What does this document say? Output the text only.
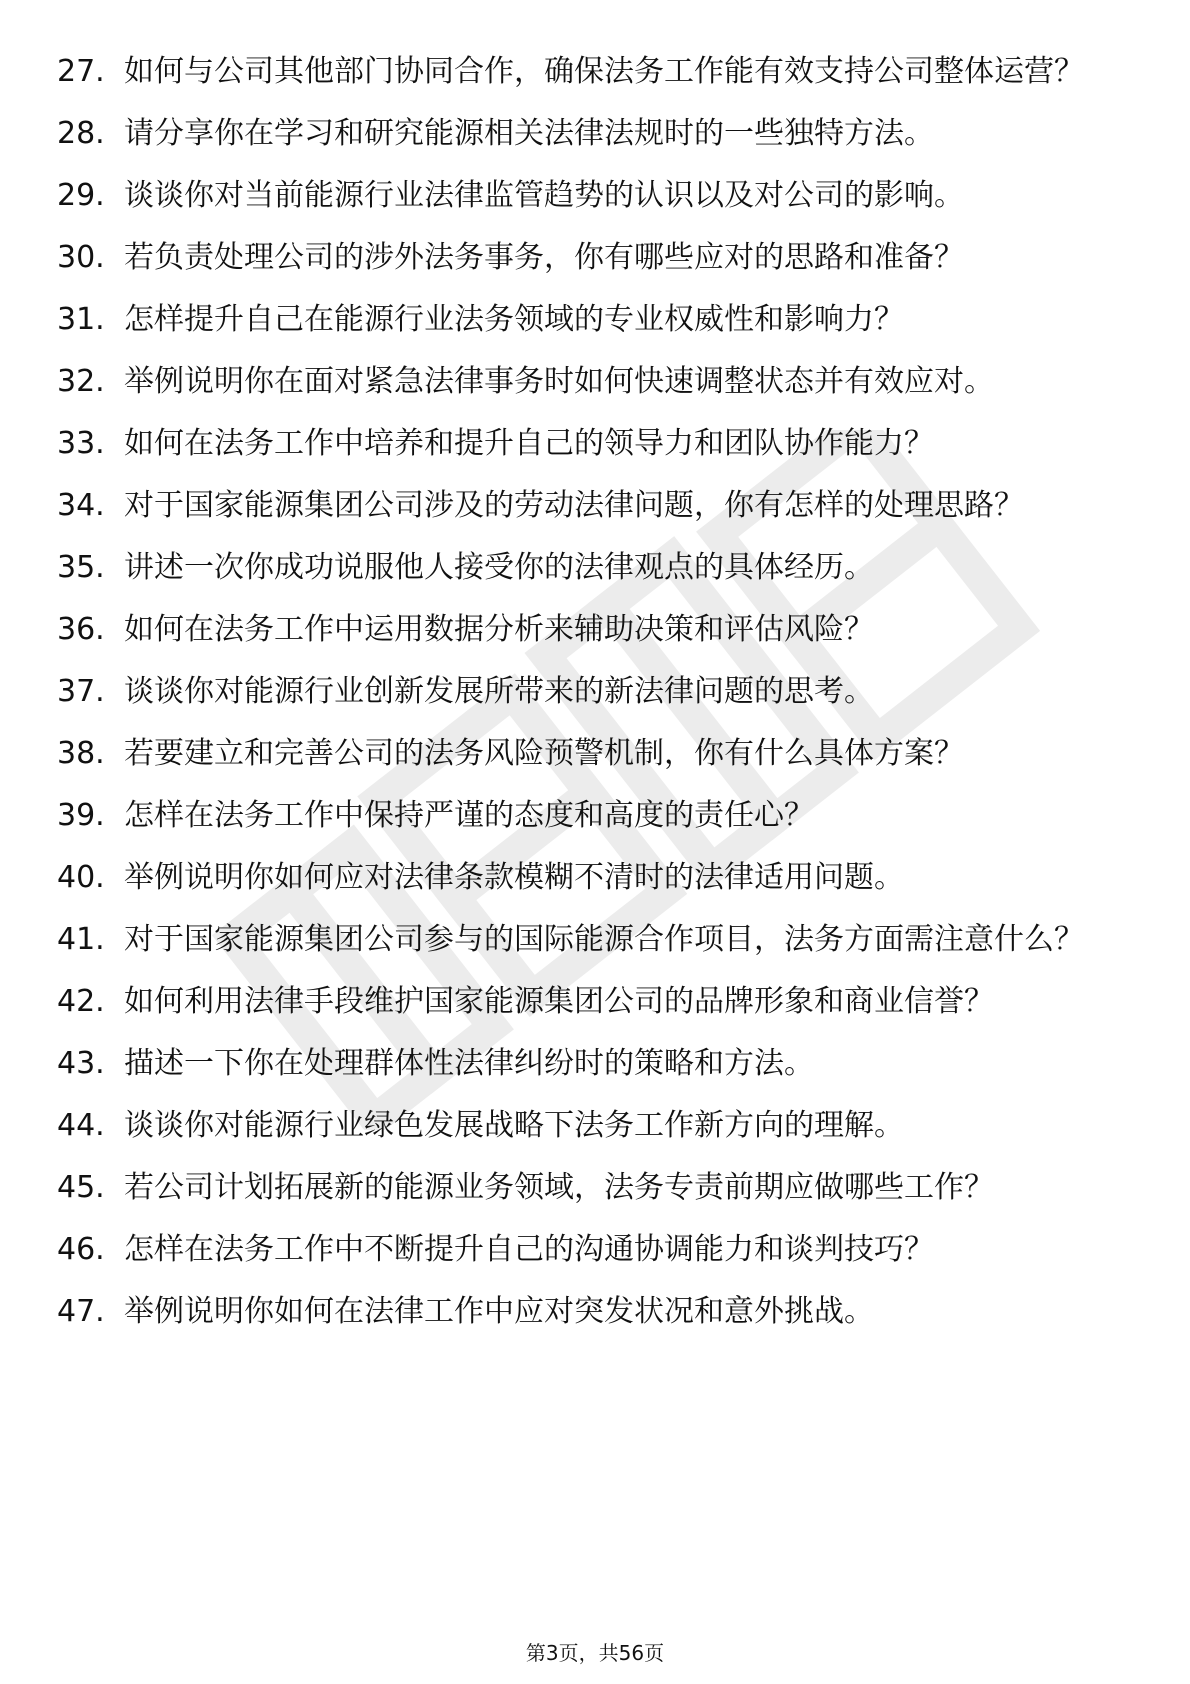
27. 如何与公司其他部门协同合作，确保法务工作能有效支持公司整体运营？
28. 请分享你在学习和研究能源相关法律法规时的一些独特方法。
29. 谈谈你对当前能源行业法律监管趋势的认识以及对公司的影响。
30. 若负责处理公司的涉外法务事务，你有哪些应对的思路和准备？
31. 怎样提升自己在能源行业法务领域的专业权威性和影响力？
32. 举例说明你在面对紧急法律事务时如何快速调整状态并有效应对。
33. 如何在法务工作中培养和提升自己的领导力和团队协作能力？
34. 对于国家能源集团公司涉及的劳动法律问题，你有怎样的处理思路？
35. 讲述一次你成功说服他人接受你的法律观点的具体经历。
36. 如何在法务工作中运用数据分析来辅助决策和评估风险？
37. 谈谈你对能源行业创新发展所带来的新法律问题的思考。
38. 若要建立和完善公司的法务风险预警机制，你有什么具体方案？
39. 怎样在法务工作中保持严谨的态度和高度的责任心？
40. 举例说明你如何应对法律条款模糊不清时的法律适用问题。
41. 对于国家能源集团公司参与的国际能源合作项目，法务方面需注意什么？
42. 如何利用法律手段维护国家能源集团公司的品牌形象和商业信誉？
43. 描述一下你在处理群体性法律纠纷时的策略和方法。
44. 谈谈你对能源行业绿色发展战略下法务工作新方向的理解。
45. 若公司计划拓展新的能源业务领域，法务专责前期应做哪些工作？
46. 怎样在法务工作中不断提升自己的沟通协调能力和谈判技巧？
47. 举例说明你如何在法律工作中应对突发状况和意外挑战。
第3页，共56页
